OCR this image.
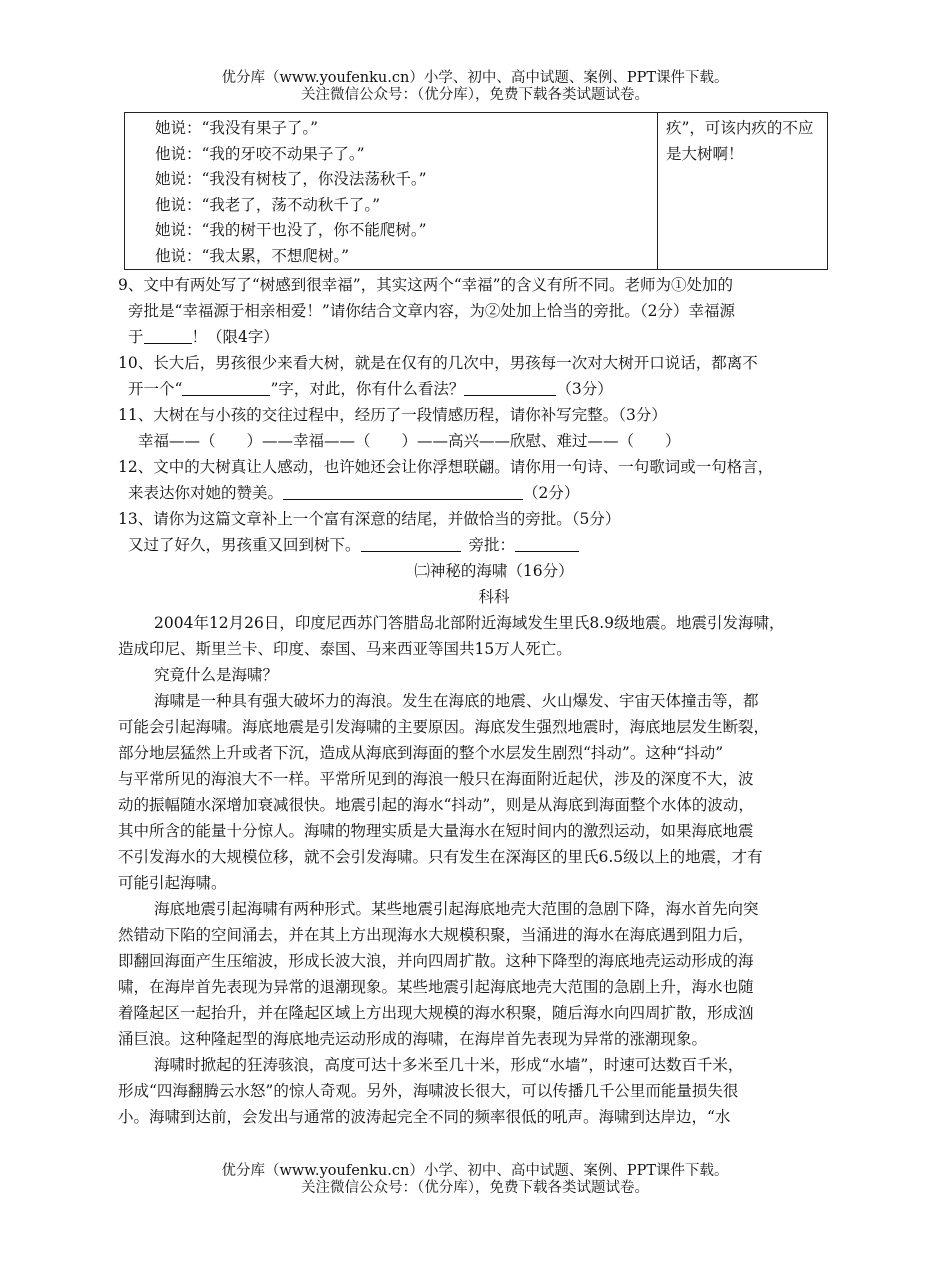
优分库（www.youfenku.cn）小学、初中、高中试题、案例、PPT课件下载。
关注微信公众号：（优分库），免费下载各类试题试卷。
她说：“我没有果子了。”
他说：“我的牙咬不动果子了。”
她说：“我没有树枝了，你没法荡秋千。”
他说：“我老了，荡不动秋千了。”
她说：“我的树干也没了，你不能爬树。”
他说：“我太累，不想爬树。”

疚”，可该内疚的不应
是大树啊！

9、文中有两处写了“树感到很幸福”，其实这两个“幸福”的含义有所不同。老师为①处加的

旁批是“幸福源于相亲相爱！”请你结合文章内容，为②处加上恰当的旁批。（2分）幸福源

于	！（限4字）

10、长大后，男孩很少来看大树，就是在仅有的几次中，男孩每一次对大树开口说话，都离不

开一个“	”字，对此，你有什么看法？	（3分）

11、大树在与小孩的交往过程中，经历了一段情感历程，请你补写完整。（3分）

幸福——（　　）——幸福——（　　）——高兴——欣慰、难过——（　　）

12、文中的大树真让人感动，也许她还会让你浮想联翩。请你用一句诗、一句歌词或一句格言，

来表达你对她的赞美。	（2分）

13、请你为这篇文章补上一个富有深意的结尾，并做恰当的旁批。（5分）

又过了好久，男孩重又回到树下。	旁批：

㈡神秘的海啸（16分）

科科

2004年12月26日，印度尼西苏门答腊岛北部附近海域发生里氏8.9级地震。地震引发海啸，

造成印尼、斯里兰卡、印度、泰国、马来西亚等国共15万人死亡。

究竟什么是海啸？

海啸是一种具有强大破坏力的海浪。发生在海底的地震、火山爆发、宇宙天体撞击等，都

可能会引起海啸。海底地震是引发海啸的主要原因。海底发生强烈地震时，海底地层发生断裂，

部分地层猛然上升或者下沉，造成从海底到海面的整个水层发生剧烈“抖动”。这种“抖动”

与平常所见的海浪大不一样。平常所见到的海浪一般只在海面附近起伏，涉及的深度不大，波

动的振幅随水深增加衰减很快。地震引起的海水“抖动”，则是从海底到海面整个水体的波动，

其中所含的能量十分惊人。海啸的物理实质是大量海水在短时间内的激烈运动，如果海底地震

不引发海水的大规模位移，就不会引发海啸。只有发生在深海区的里氏6.5级以上的地震，才有

可能引起海啸。

海底地震引起海啸有两种形式。某些地震引起海底地壳大范围的急剧下降，海水首先向突

然错动下陷的空间涌去，并在其上方出现海水大规模积聚，当涌进的海水在海底遇到阻力后，

即翻回海面产生压缩波，形成长波大浪，并向四周扩散。这种下降型的海底地壳运动形成的海

啸，在海岸首先表现为异常的退潮现象。某些地震引起海底地壳大范围的急剧上升，海水也随

着隆起区一起抬升，并在隆起区域上方出现大规模的海水积聚，随后海水向四周扩散，形成汹

涌巨浪。这种隆起型的海底地壳运动形成的海啸，在海岸首先表现为异常的涨潮现象。

海啸时掀起的狂涛骇浪，高度可达十多米至几十米，形成“水墙”，时速可达数百千米，

形成“四海翻腾云水怒”的惊人奇观。另外，海啸波长很大，可以传播几千公里而能量损失很

小。海啸到达前，会发出与通常的波涛起完全不同的频率很低的吼声。海啸到达岸边，“水

优分库（www.youfenku.cn）小学、初中、高中试题、案例、PPT课件下载。
关注微信公众号：（优分库），免费下载各类试题试卷。
